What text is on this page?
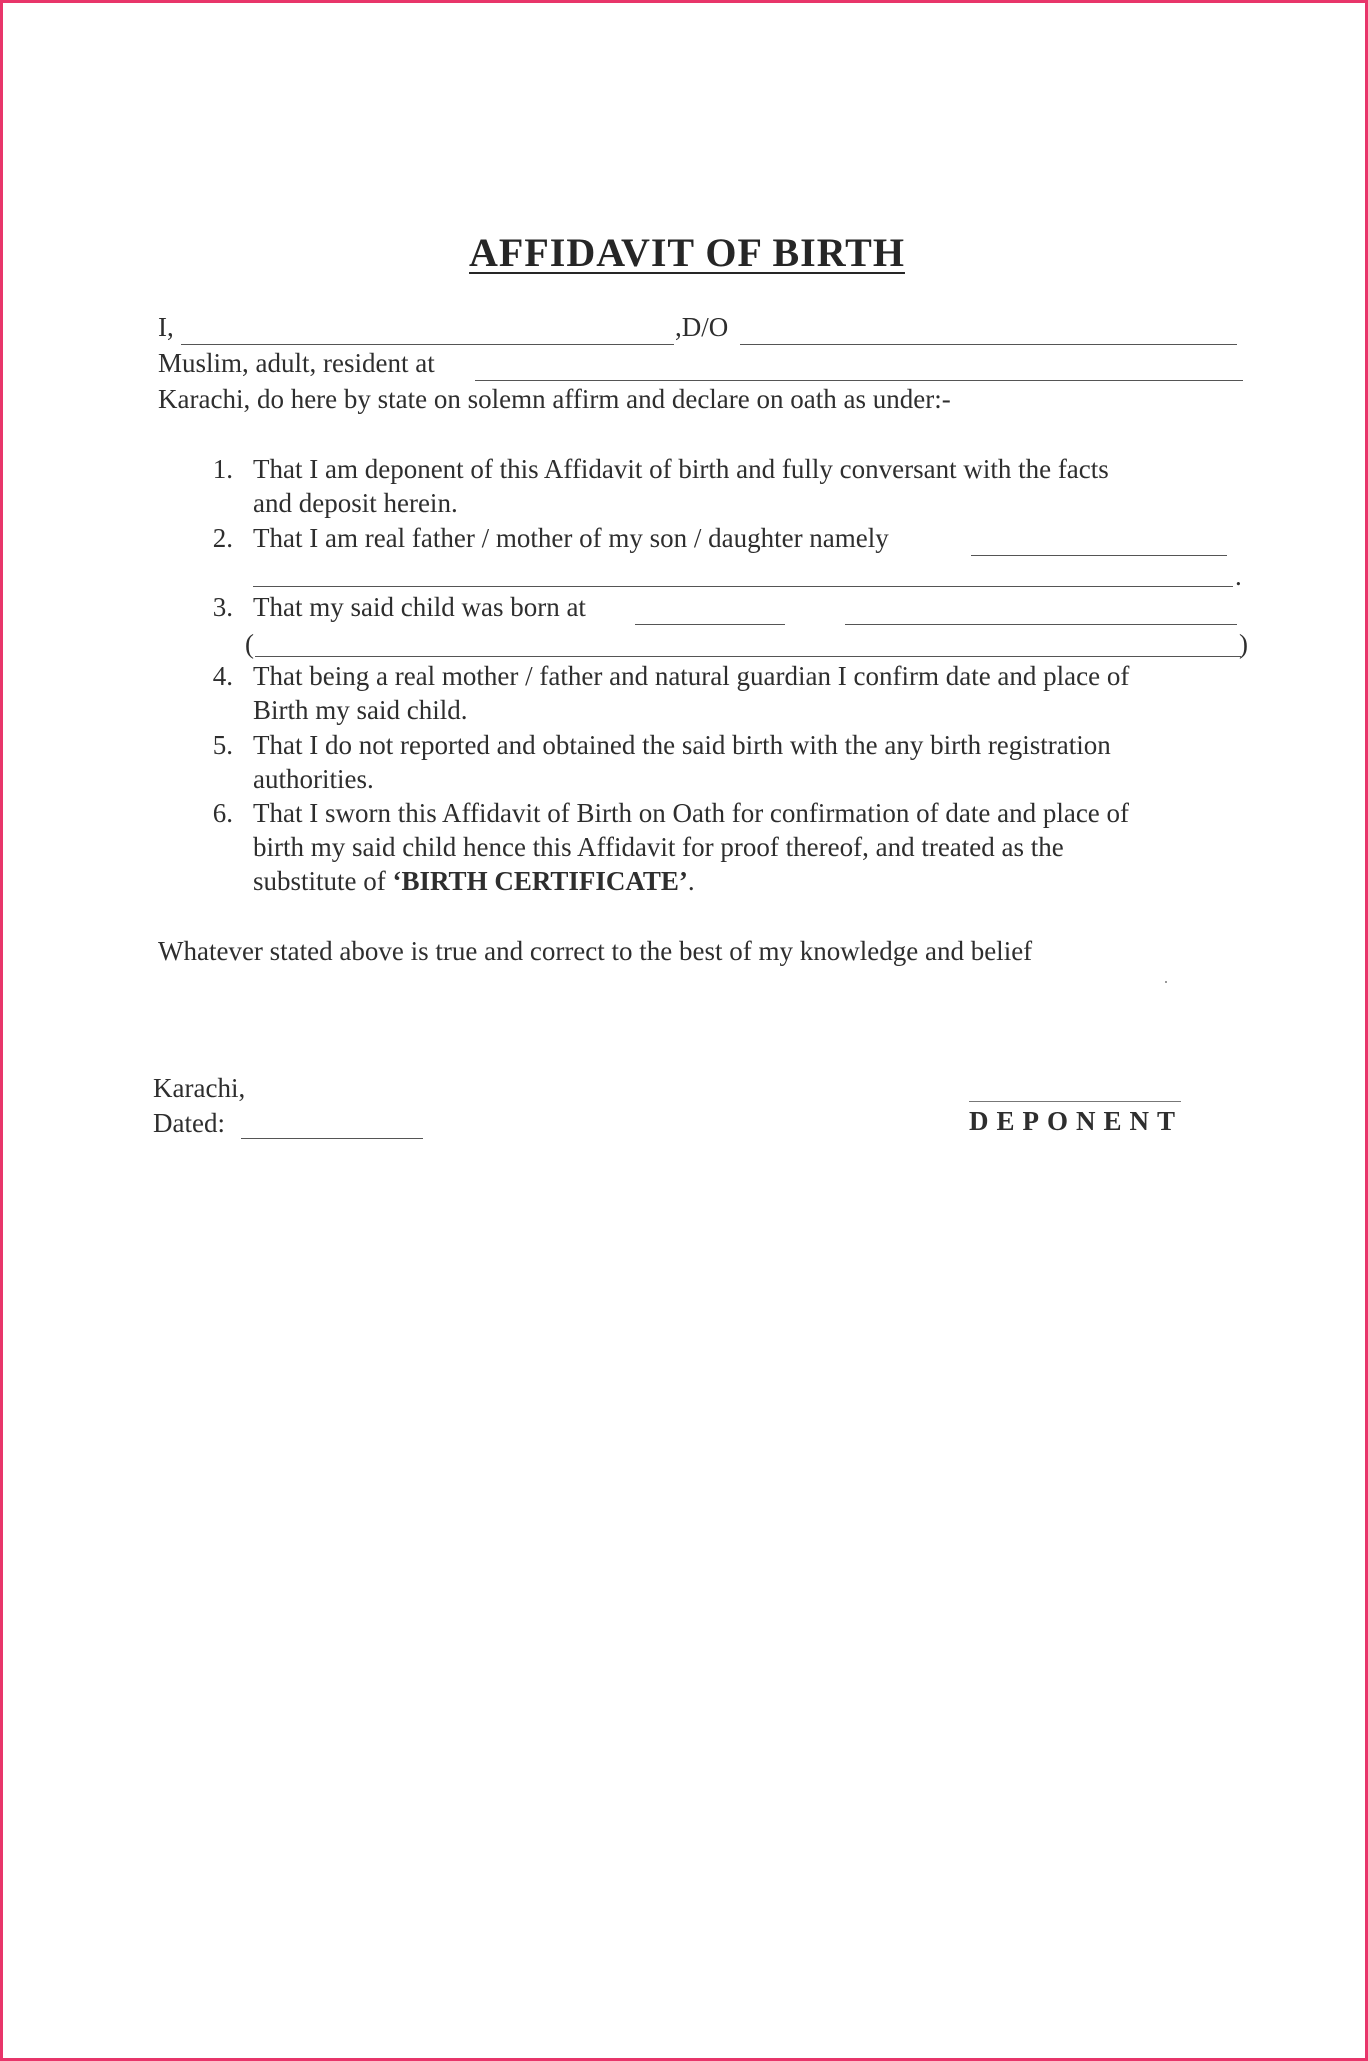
AFFIDAVIT OF BIRTH
I,	,D/O
Muslim, adult, resident at
Karachi, do here by state on solemn affirm and declare on oath as under:-
1. That I am deponent of this Affidavit of birth and fully conversant with the facts
and deposit herein.
2. That I am real father / mother of my son / daughter namely
.
3. That my said child was born at
(	)
4. That being a real mother / father and natural guardian I confirm date and place of
Birth my said child.
5. That I do not reported and obtained the said birth with the any birth registration
authorities.
6. That I sworn this Affidavit of Birth on Oath for confirmation of date and place of
birth my said child hence this Affidavit for proof thereof, and treated as the
substitute of ‘BIRTH CERTIFICATE’.
Whatever stated above is true and correct to the best of my knowledge and belief
Karachi,
Dated:	DEPONENT
